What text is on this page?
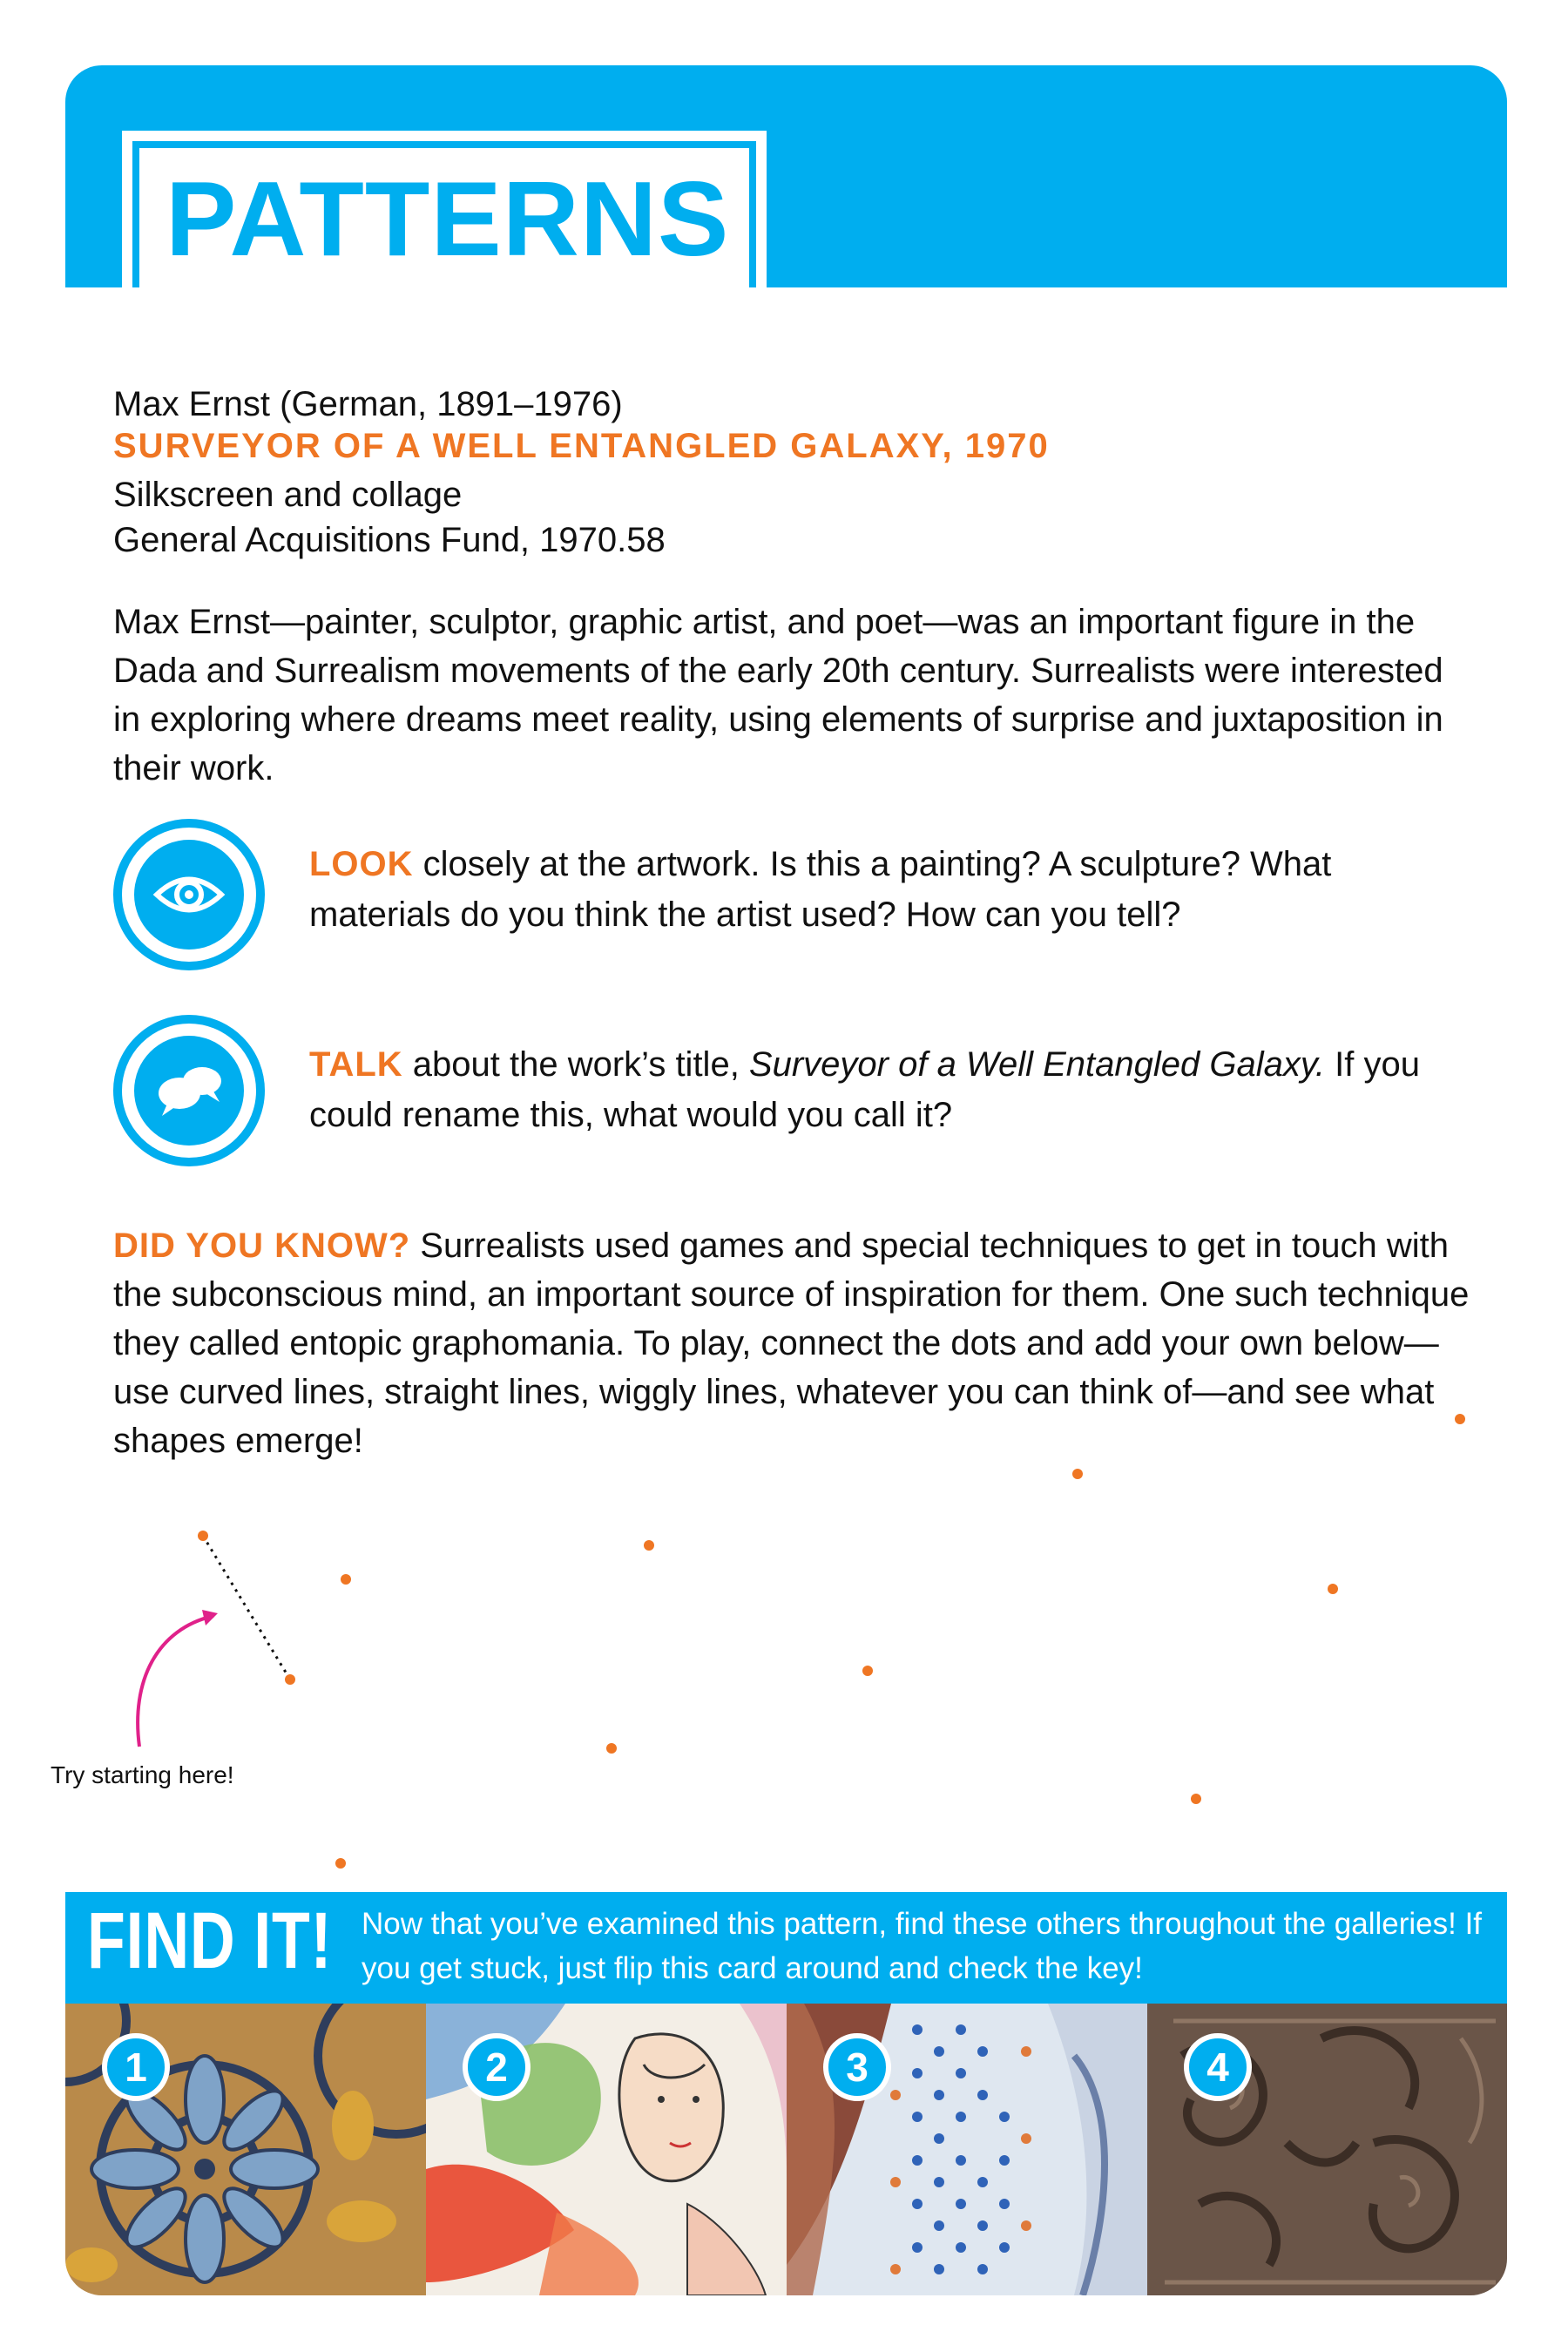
PATTERNS
Max Ernst (German, 1891–1976)
SURVEYOR OF A WELL ENTANGLED GALAXY, 1970
Silkscreen and collage
General Acquisitions Fund, 1970.58
Max Ernst—painter, sculptor, graphic artist, and poet—was an important figure in the Dada and Surrealism movements of the early 20th century. Surrealists were interested in exploring where dreams meet reality, using elements of surprise and juxtaposition in their work.
LOOK closely at the artwork. Is this a painting? A sculpture? What materials do you think the artist used? How can you tell?
TALK about the work’s title, Surveyor of a Well Entangled Galaxy. If you could rename this, what would you call it?
DID YOU KNOW? Surrealists used games and special techniques to get in touch with the subconscious mind, an important source of inspiration for them. One such technique they called entopic graphomania. To play, connect the dots and add your own below—use curved lines, straight lines, wiggly lines, whatever you can think of—and see what shapes emerge!
Try starting here!
FIND IT! Now that you’ve examined this pattern, find these others throughout the galleries! If you get stuck, just flip this card around and check the key!
1	2	3	4
